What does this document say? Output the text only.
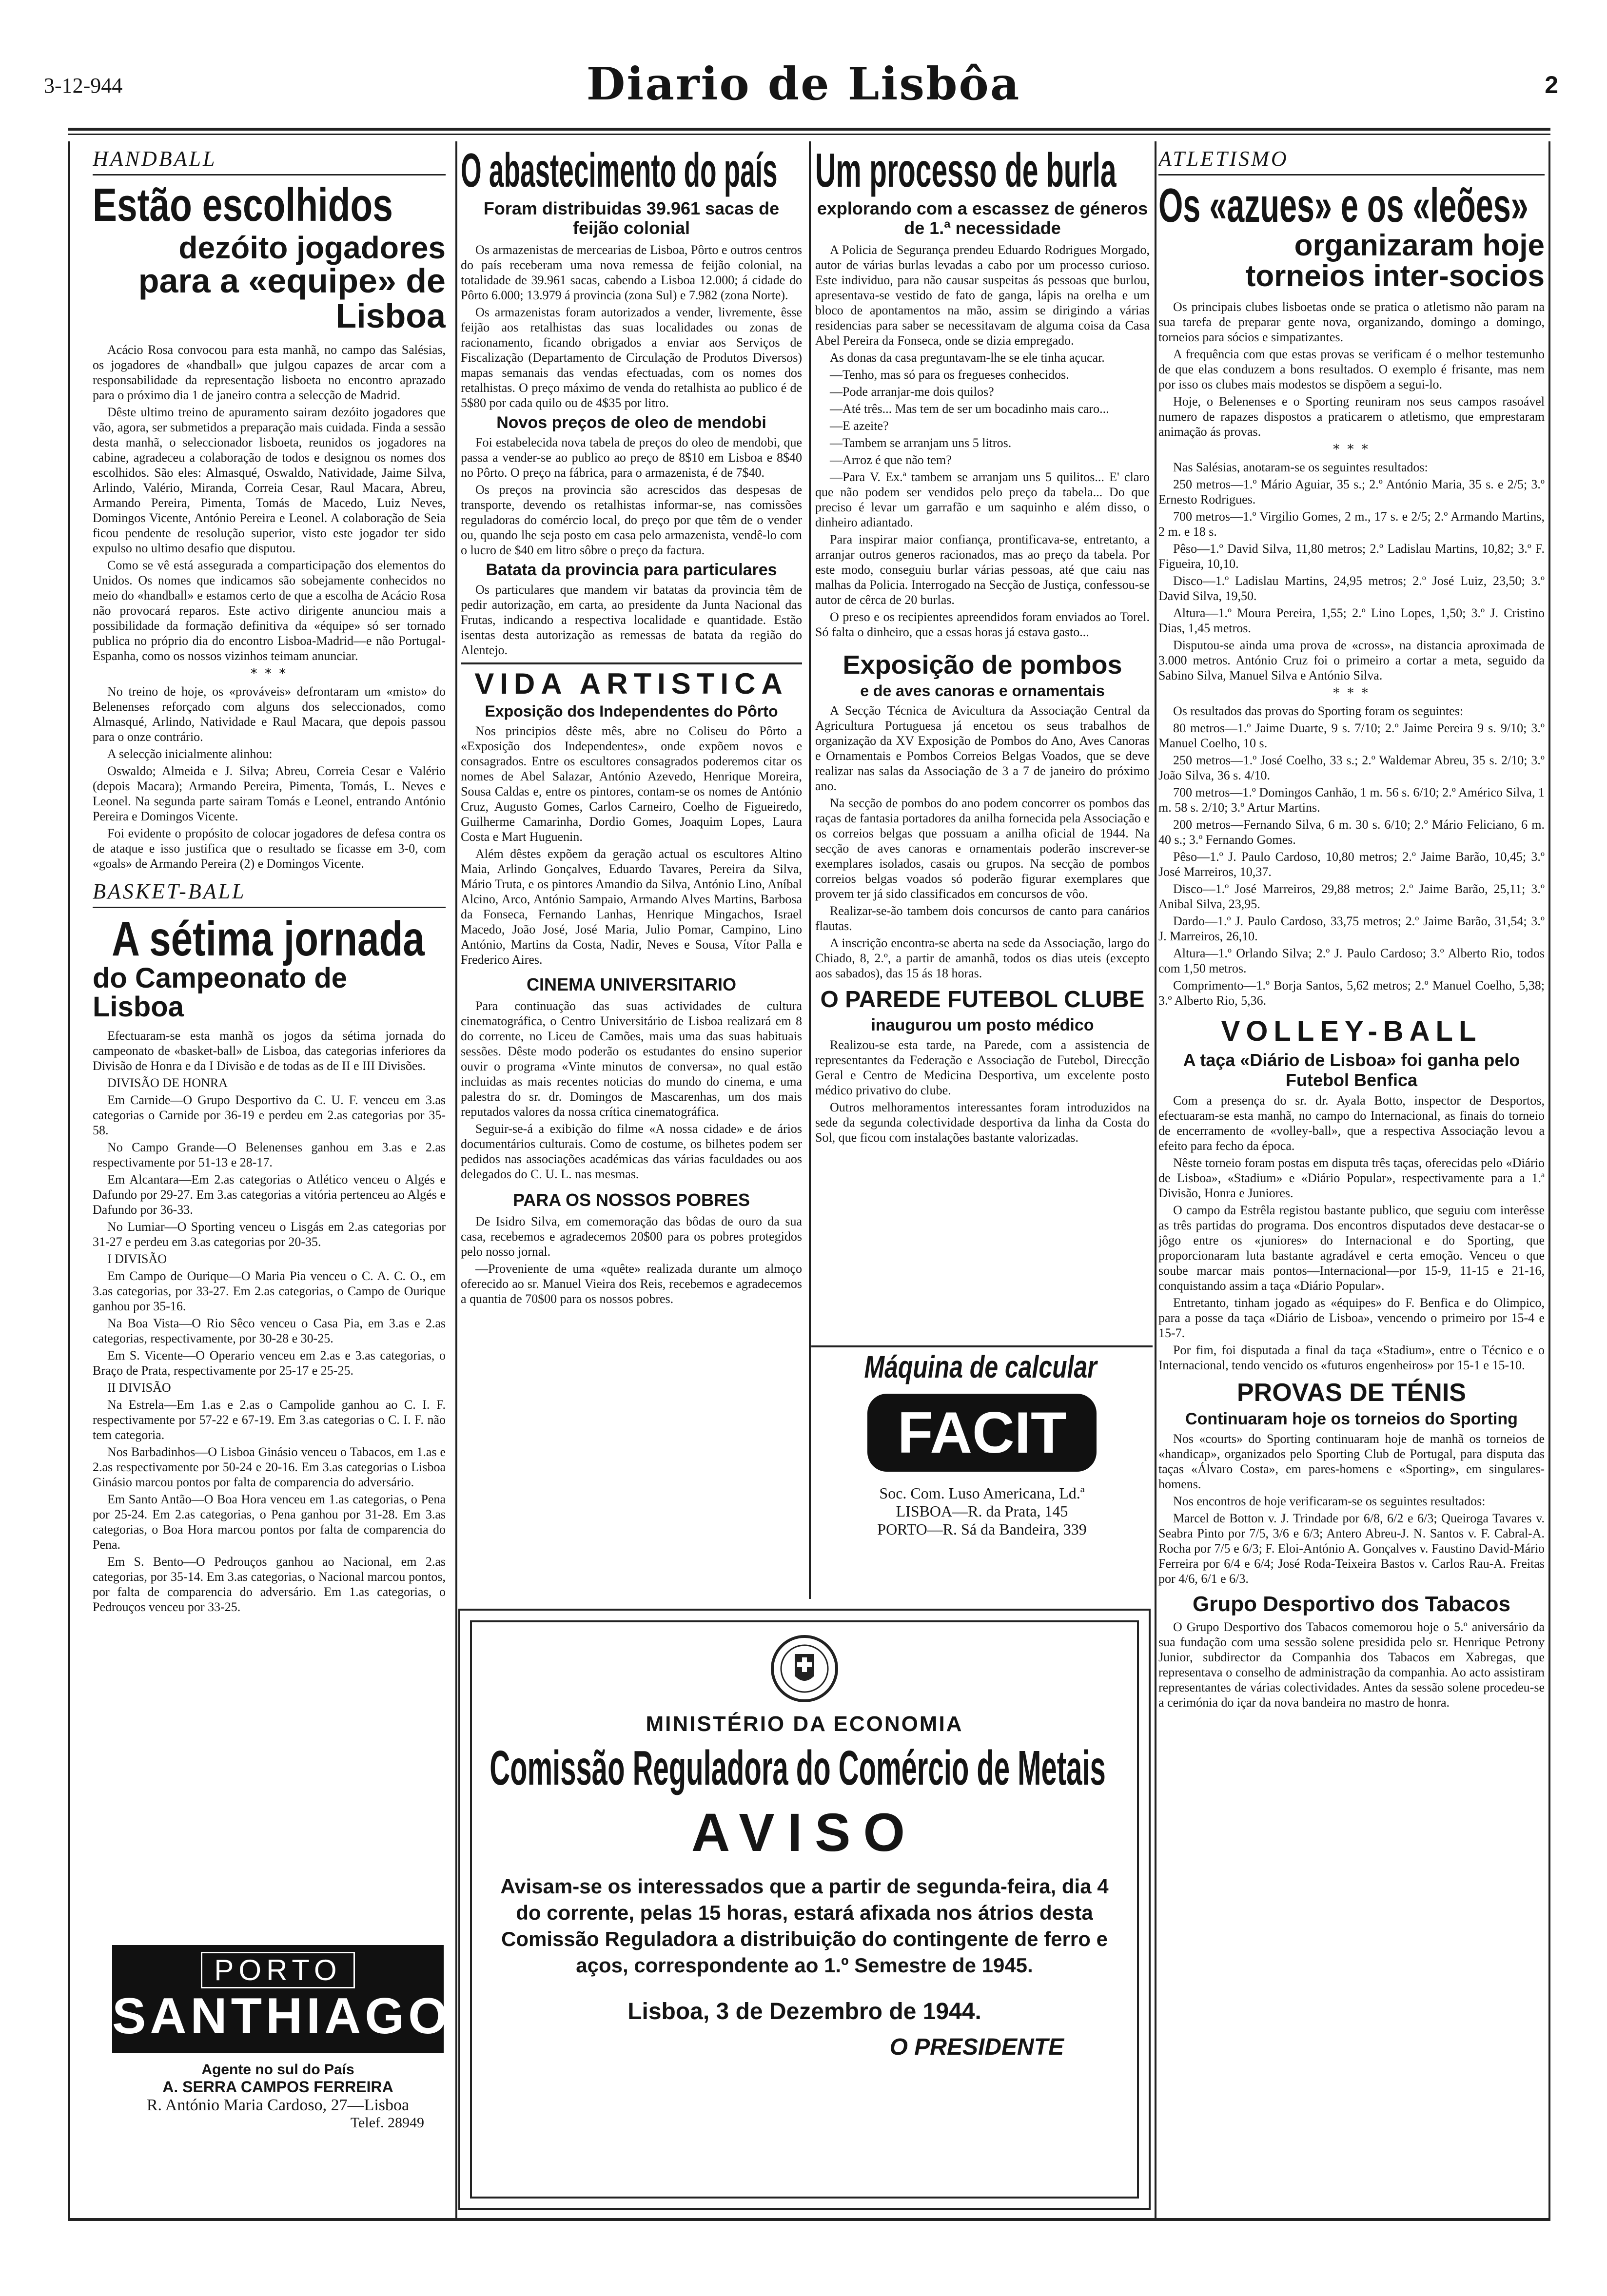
3-12-944	Diario de Lisbôa	2
HANDBALL
Estão escolhidos
dezóito jogadores
para a «equipe» de Lisboa

Acácio Rosa convocou para esta manhã, no campo das Salésias, os jogadores de «handball» que julgou capazes de arcar com a responsabilidade da representação lisboeta no encontro aprazado para o próximo dia 1 de janeiro contra a selecção de Madrid.

Dêste ultimo treino de apuramento sairam dezóito jogadores que vão, agora, ser submetidos a preparação mais cuidada. Finda a sessão desta manhã, o seleccionador lisboeta, reunidos os jogadores na cabine, agradeceu a colaboração de todos e designou os nomes dos escolhidos. São eles: Almasqué, Oswaldo, Natividade, Jaime Silva, Arlindo, Valério, Miranda, Correia Cesar, Raul Macara, Abreu, Armando Pereira, Pimenta, Tomás de Macedo, Luiz Neves, Domingos Vicente, António Pereira e Leonel. A colaboração de Seia ficou pendente de resolução superior, visto este jogador ter sido expulso no ultimo desafio que disputou.

Como se vê está assegurada a comparticipação dos elementos do Unidos. Os nomes que indicamos são sobejamente conhecidos no meio do «handball» e estamos certo de que a escolha de Acácio Rosa não provocará reparos. Este activo dirigente anunciou mais a possibilidade da formação definitiva da «équipe» só ser tornado publica no próprio dia do encontro Lisboa-Madrid—e não Portugal-Espanha, como os nossos vizinhos teimam anunciar.

* * *

No treino de hoje, os «prováveis» defrontaram um «misto» do Belenenses reforçado com alguns dos seleccionados, como Almasqué, Arlindo, Natividade e Raul Macara, que depois passou para o onze contrário.

A selecção inicialmente alinhou:

Oswaldo; Almeida e J. Silva; Abreu, Correia Cesar e Valério (depois Macara); Armando Pereira, Pimenta, Tomás, L. Neves e Leonel. Na segunda parte sairam Tomás e Leonel, entrando António Pereira e Domingos Vicente.

Foi evidente o propósito de colocar jogadores de defesa contra os de ataque e isso justifica que o resultado se ficasse em 3-0, com «goals» de Armando Pereira (2) e Domingos Vicente.

BASKET-BALL
A sétima jornada
do Campeonato de Lisboa

Efectuaram-se esta manhã os jogos da sétima jornada do campeonato de «basket-ball» de Lisboa, das categorias inferiores da Divisão de Honra e da I Divisão e de todas as de II e III Divisões.

DIVISÃO DE HONRA

Em Carnide—O Grupo Desportivo da C. U. F. venceu em 3.as categorias o Carnide por 36-19 e perdeu em 2.as categorias por 35-58.

No Campo Grande—O Belenenses ganhou em 3.as e 2.as respectivamente por 51-13 e 28-17.

Em Alcantara—Em 2.as categorias o Atlético venceu o Algés e Dafundo por 29-27. Em 3.as categorias a vitória pertenceu ao Algés e Dafundo por 36-33.

No Lumiar—O Sporting venceu o Lisgás em 2.as categorias por 31-27 e perdeu em 3.as categorias por 20-35.

I DIVISÃO

Em Campo de Ourique—O Maria Pia venceu o C. A. C. O., em 3.as categorias, por 33-27. Em 2.as categorias, o Campo de Ourique ganhou por 35-16.

Na Boa Vista—O Rio Sêco venceu o Casa Pia, em 3.as e 2.as categorias, respectivamente, por 30-28 e 30-25.

Em S. Vicente—O Operario venceu em 2.as e 3.as categorias, o Braço de Prata, respectivamente por 25-17 e 25-25.

II DIVISÃO

Na Estrela—Em 1.as e 2.as o Campolide ganhou ao C. I. F. respectivamente por 57-22 e 67-19. Em 3.as categorias o C. I. F. não tem categoria.

Nos Barbadinhos—O Lisboa Ginásio venceu o Tabacos, em 1.as e 2.as respectivamente por 50-24 e 20-16. Em 3.as categorias o Lisboa Ginásio marcou pontos por falta de comparencia do adversário.

Em Santo Antão—O Boa Hora venceu em 1.as categorias, o Pena por 25-24. Em 2.as categorias, o Pena ganhou por 31-28. Em 3.as categorias, o Boa Hora marcou pontos por falta de comparencia do Pena.

Em S. Bento—O Pedrouços ganhou ao Nacional, em 2.as categorias, por 35-14. Em 3.as categorias, o Nacional marcou pontos, por falta de comparencia do adversário. Em 1.as categorias, o Pedrouços venceu por 33-25.

PORTO
SANTHIAGO
Agente no sul do País
A. SERRA CAMPOS FERREIRA
R. António Maria Cardoso, 27—Lisboa
Telef. 28949
O abastecimento do país
Foram distribuidas 39.961 sacas de feijão colonial

Os armazenistas de mercearias de Lisboa, Pôrto e outros centros do país receberam uma nova remessa de feijão colonial, na totalidade de 39.961 sacas, cabendo a Lisboa 12.000; á cidade do Pôrto 6.000; 13.979 á provincia (zona Sul) e 7.982 (zona Norte).

Os armazenistas foram autorizados a vender, livremente, êsse feijão aos retalhistas das suas localidades ou zonas de racionamento, ficando obrigados a enviar aos Serviços de Fiscalização (Departamento de Circulação de Produtos Diversos) mapas semanais das vendas efectuadas, com os nomes dos retalhistas. O preço máximo de venda do retalhista ao publico é de 5$80 por cada quilo ou de 4$35 por litro.

Novos preços de oleo de mendobi

Foi estabelecida nova tabela de preços do oleo de mendobi, que passa a vender-se ao publico ao preço de 8$10 em Lisboa e 8$40 no Pôrto. O preço na fábrica, para o armazenista, é de 7$40.

Os preços na provincia são acrescidos das despesas de transporte, devendo os retalhistas informar-se, nas comissões reguladoras do comércio local, do preço por que têm de o vender ou, quando lhe seja posto em casa pelo armazenista, vendê-lo com o lucro de $40 em litro sôbre o preço da factura.

Batata da provincia para particulares

Os particulares que mandem vir batatas da provincia têm de pedir autorização, em carta, ao presidente da Junta Nacional das Frutas, indicando a respectiva localidade e quantidade. Estão isentas desta autorização as remessas de batata da região do Alentejo.

VIDA ARTISTICA
Exposição dos Independentes do Pôrto

Nos principios dêste mês, abre no Coliseu do Pôrto a «Exposição dos Independentes», onde expõem novos e consagrados. Entre os escultores consagrados poderemos citar os nomes de Abel Salazar, António Azevedo, Henrique Moreira, Sousa Caldas e, entre os pintores, contam-se os nomes de António Cruz, Augusto Gomes, Carlos Carneiro, Coelho de Figueiredo, Guilherme Camarinha, Dordio Gomes, Joaquim Lopes, Laura Costa e Mart Huguenin.

Além dêstes expõem da geração actual os escultores Altino Maia, Arlindo Gonçalves, Eduardo Tavares, Pereira da Silva, Mário Truta, e os pintores Amandio da Silva, António Lino, Aníbal Alcino, Arco, António Sampaio, Armando Alves Martins, Barbosa da Fonseca, Fernando Lanhas, Henrique Mingachos, Israel Macedo, João José, José Maria, Julio Pomar, Campino, Lino António, Martins da Costa, Nadir, Neves e Sousa, Vítor Palla e Frederico Aires.

CINEMA UNIVERSITARIO

Para continuação das suas actividades de cultura cinematográfica, o Centro Universitário de Lisboa realizará em 8 do corrente, no Liceu de Camões, mais uma das suas habituais sessões. Dêste modo poderão os estudantes do ensino superior ouvir o programa «Vinte minutos de conversa», no qual estão incluidas as mais recentes noticias do mundo do cinema, e uma palestra do sr. dr. Domingos de Mascarenhas, um dos mais reputados valores da nossa crítica cinematográfica.

Seguir-se-á a exibição do filme «A nossa cidade» e de ários documentários culturais. Como de costume, os bilhetes podem ser pedidos nas associações académicas das várias faculdades ou aos delegados do C. U. L. nas mesmas.

PARA OS NOSSOS POBRES

De Isidro Silva, em comemoração das bôdas de ouro da sua casa, recebemos e agradecemos 20$00 para os pobres protegidos pelo nosso jornal.

—Proveniente de uma «quête» realizada durante um almoço oferecido ao sr. Manuel Vieira dos Reis, recebemos e agradecemos a quantia de 70$00 para os nossos pobres.

Um processo de burla
explorando com a escassez de géneros de 1.ª necessidade

A Policia de Segurança prendeu Eduardo Rodrigues Morgado, autor de várias burlas levadas a cabo por um processo curioso. Este individuo, para não causar suspeitas ás pessoas que burlou, apresentava-se vestido de fato de ganga, lápis na orelha e um bloco de apontamentos na mão, assim se dirigindo a várias residencias para saber se necessitavam de alguma coisa da Casa Abel Pereira da Fonseca, onde se dizia empregado.

As donas da casa preguntavam-lhe se ele tinha açucar.

—Tenho, mas só para os fregueses conhecidos.

—Pode arranjar-me dois quilos?

—Até três... Mas tem de ser um bocadinho mais caro...

—E azeite?

—Tambem se arranjam uns 5 litros.

—Arroz é que não tem?

—Para V. Ex.ª tambem se arranjam uns 5 quilitos... E' claro que não podem ser vendidos pelo preço da tabela... Do que preciso é levar um garrafão e um saquinho e além disso, o dinheiro adiantado.

Para inspirar maior confiança, prontificava-se, entretanto, a arranjar outros generos racionados, mas ao preço da tabela. Por este modo, conseguiu burlar várias pessoas, até que caiu nas malhas da Policia. Interrogado na Secção de Justiça, confessou-se autor de cêrca de 20 burlas.

O preso e os recipientes apreendidos foram enviados ao Torel. Só falta o dinheiro, que a essas horas já estava gasto...

Exposição de pombos
e de aves canoras e ornamentais

A Secção Técnica de Avicultura da Associação Central da Agricultura Portuguesa já encetou os seus trabalhos de organização da XV Exposição de Pombos do Ano, Aves Canoras e Ornamentais e Pombos Correios Belgas Voados, que se deve realizar nas salas da Associação de 3 a 7 de janeiro do próximo ano.

Na secção de pombos do ano podem concorrer os pombos das raças de fantasia portadores da anilha fornecida pela Associação e os correios belgas que possuam a anilha oficial de 1944. Na secção de aves canoras e ornamentais poderão inscrever-se exemplares isolados, casais ou grupos. Na secção de pombos correios belgas voados só poderão figurar exemplares que provem ter já sido classificados em concursos de vôo.

Realizar-se-ão tambem dois concursos de canto para canários flautas.

A inscrição encontra-se aberta na sede da Associação, largo do Chiado, 8, 2.º, a partir de amanhã, todos os dias uteis (excepto aos sabados), das 15 ás 18 horas.

O PAREDE FUTEBOL CLUBE
inaugurou um posto médico

Realizou-se esta tarde, na Parede, com a assistencia de representantes da Federação e Associação de Futebol, Direcção Geral e Centro de Medicina Desportiva, um excelente posto médico privativo do clube.

Outros melhoramentos interessantes foram introduzidos na sede da segunda colectividade desportiva da linha da Costa do Sol, que ficou com instalações bastante valorizadas.

Máquina de calcular
FACIT
Soc. Com. Luso Americana, Ld.ª
LISBOA—R. da Prata, 145
PORTO—R. Sá da Bandeira, 339
MINISTÉRIO DA ECONOMIA
Comissão Reguladora do Comércio de Metais
AVISO
Avisam-se os interessados que a partir de segunda-feira, dia 4 do corrente, pelas 15 horas, estará afixada nos átrios desta Comissão Reguladora a distribuição do contingente de ferro e aços, correspondente ao 1.º Semestre de 1945.
Lisboa, 3 de Dezembro de 1944.
O PRESIDENTE
ATLETISMO
Os «azues» e os «leões»
organizaram hoje
torneios inter-socios

Os principais clubes lisboetas onde se pratica o atletismo não param na sua tarefa de preparar gente nova, organizando, domingo a domingo, torneios para sócios e simpatizantes.

A frequência com que estas provas se verificam é o melhor testemunho de que elas conduzem a bons resultados. O exemplo é frisante, mas nem por isso os clubes mais modestos se dispõem a segui-lo.

Hoje, o Belenenses e o Sporting reuniram nos seus campos rasoável numero de rapazes dispostos a praticarem o atletismo, que emprestaram animação ás provas.

* * *

Nas Salésias, anotaram-se os seguintes resultados:

250 metros—1.º Mário Aguiar, 35 s.; 2.º António Maria, 35 s. e 2/5; 3.º Ernesto Rodrigues.

700 metros—1.º Virgilio Gomes, 2 m., 17 s. e 2/5; 2.º Armando Martins, 2 m. e 18 s.

Pêso—1.º David Silva, 11,80 metros; 2.º Ladislau Martins, 10,82; 3.º F. Figueira, 10,10.

Disco—1.º Ladislau Martins, 24,95 metros; 2.º José Luiz, 23,50; 3.º David Silva, 19,50.

Altura—1.º Moura Pereira, 1,55; 2.º Lino Lopes, 1,50; 3.º J. Cristino Dias, 1,45 metros.

Disputou-se ainda uma prova de «cross», na distancia aproximada de 3.000 metros. António Cruz foi o primeiro a cortar a meta, seguido da Sabino Silva, Manuel Silva e António Silva.

* * *

Os resultados das provas do Sporting foram os seguintes:

80 metros—1.º Jaime Duarte, 9 s. 7/10; 2.º Jaime Pereira 9 s. 9/10; 3.º Manuel Coelho, 10 s.

250 metros—1.º José Coelho, 33 s.; 2.º Waldemar Abreu, 35 s. 2/10; 3.º João Silva, 36 s. 4/10.

700 metros—1.º Domingos Canhão, 1 m. 56 s. 6/10; 2.º Américo Silva, 1 m. 58 s. 2/10; 3.º Artur Martins.

200 metros—Fernando Silva, 6 m. 30 s. 6/10; 2.º Mário Feliciano, 6 m. 40 s.; 3.º Fernando Gomes.

Pêso—1.º J. Paulo Cardoso, 10,80 metros; 2.º Jaime Barão, 10,45; 3.º José Marreiros, 10,37.

Disco—1.º José Marreiros, 29,88 metros; 2.º Jaime Barão, 25,11; 3.º Anibal Silva, 23,95.

Dardo—1.º J. Paulo Cardoso, 33,75 metros; 2.º Jaime Barão, 31,54; 3.º J. Marreiros, 26,10.

Altura—1.º Orlando Silva; 2.º J. Paulo Cardoso; 3.º Alberto Rio, todos com 1,50 metros.

Comprimento—1.º Borja Santos, 5,62 metros; 2.º Manuel Coelho, 5,38; 3.º Alberto Rio, 5,36.

VOLLEY-BALL
A taça «Diário de Lisboa» foi ganha pelo Futebol Benfica

Com a presença do sr. dr. Ayala Botto, inspector de Desportos, efectuaram-se esta manhã, no campo do Internacional, as finais do torneio de encerramento de «volley-ball», que a respectiva Associação levou a efeito para fecho da época.

Nêste torneio foram postas em disputa três taças, oferecidas pelo «Diário de Lisboa», «Stadium» e «Diário Popular», respectivamente para a 1.ª Divisão, Honra e Juniores.

O campo da Estrêla registou bastante publico, que seguiu com interêsse as três partidas do programa. Dos encontros disputados deve destacar-se o jôgo entre os «juniores» do Internacional e do Sporting, que proporcionaram luta bastante agradável e certa emoção. Venceu o que soube marcar mais pontos—Internacional—por 15-9, 11-15 e 21-16, conquistando assim a taça «Diário Popular».

Entretanto, tinham jogado as «équipes» do F. Benfica e do Olimpico, para a posse da taça «Diário de Lisboa», vencendo o primeiro por 15-4 e 15-7.

Por fim, foi disputada a final da taça «Stadium», entre o Técnico e o Internacional, tendo vencido os «futuros engenheiros» por 15-1 e 15-10.

PROVAS DE TÉNIS
Continuaram hoje os torneios do Sporting

Nos «courts» do Sporting continuaram hoje de manhã os torneios de «handicap», organizados pelo Sporting Club de Portugal, para disputa das taças «Álvaro Costa», em pares-homens e «Sporting», em singulares-homens.

Nos encontros de hoje verificaram-se os seguintes resultados:

Marcel de Botton v. J. Trindade por 6/8, 6/2 e 6/3; Queiroga Tavares v. Seabra Pinto por 7/5, 3/6 e 6/3; Antero Abreu-J. N. Santos v. F. Cabral-A. Rocha por 7/5 e 6/3; F. Eloi-António A. Gonçalves v. Faustino David-Mário Ferreira por 6/4 e 6/4; José Roda-Teixeira Bastos v. Carlos Rau-A. Freitas por 4/6, 6/1 e 6/3.

Grupo Desportivo dos Tabacos

O Grupo Desportivo dos Tabacos comemorou hoje o 5.º aniversário da sua fundação com uma sessão solene presidida pelo sr. Henrique Petrony Junior, subdirector da Companhia dos Tabacos em Xabregas, que representava o conselho de administração da companhia. Ao acto assistiram representantes de várias colectividades. Antes da sessão solene procedeu-se a cerimónia do içar da nova bandeira no mastro de honra.
